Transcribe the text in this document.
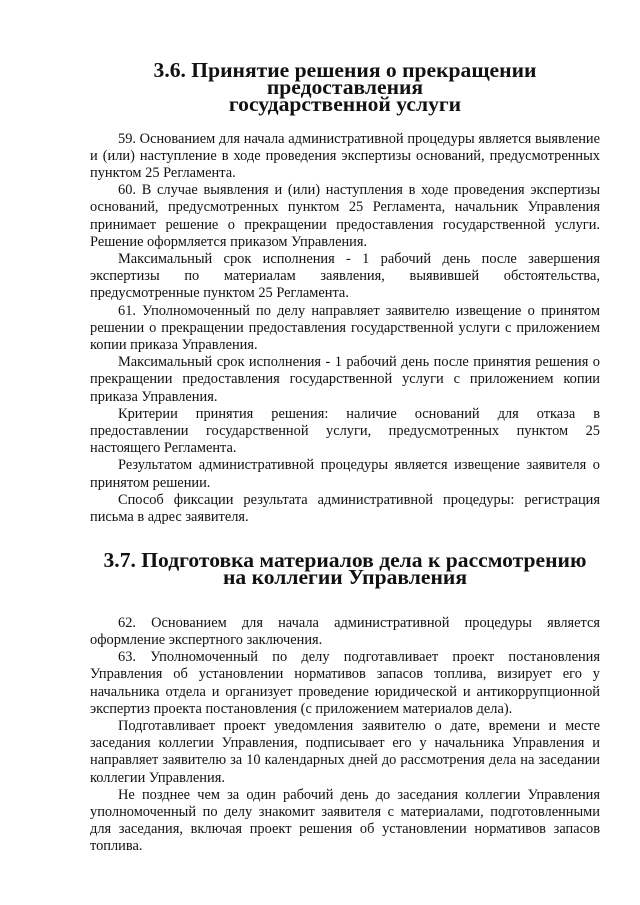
3.6. Принятие решения о прекращении предоставления
государственной услуги

59. Основанием для начала административной процедуры является выявление и (или) наступление в ходе проведения экспертизы оснований, предусмотренных пунктом 25 Регламента.

60. В случае выявления и (или) наступления в ходе проведения экспертизы оснований, предусмотренных пунктом 25 Регламента, начальник Управления принимает решение о прекращении предоставления государственной услуги. Решение оформляется приказом Управления.

Максимальный срок исполнения - 1 рабочий день после завершения экспертизы по материалам заявления, выявившей обстоятельства, предусмотренные пунктом 25 Регламента.

61. Уполномоченный по делу направляет заявителю извещение о принятом решении о прекращении предоставления государственной услуги с приложением копии приказа Управления.

Максимальный срок исполнения - 1 рабочий день после принятия решения о прекращении предоставления государственной услуги с приложением копии приказа Управления.

Критерии принятия решения: наличие оснований для отказа в предоставлении государственной услуги, предусмотренных пунктом 25 настоящего Регламента.

Результатом административной процедуры является извещение заявителя о принятом решении.

Способ фиксации результата административной процедуры: регистрация письма в адрес заявителя.

3.7. Подготовка материалов дела к рассмотрению
на коллегии Управления

62. Основанием для начала административной процедуры является оформление экспертного заключения.

63. Уполномоченный по делу подготавливает проект постановления Управления об установлении нормативов запасов топлива, визирует его у начальника отдела и организует проведение юридической и антикоррупционной экспертиз проекта постановления (с приложением материалов дела).

Подготавливает проект уведомления заявителю о дате, времени и месте заседания коллегии Управления, подписывает его у начальника Управления и направляет заявителю за 10 календарных дней до рассмотрения дела на заседании коллегии Управления.

Не позднее чем за один рабочий день до заседания коллегии Управления уполномоченный по делу знакомит заявителя с материалами, подготовленными для заседания, включая проект решения об установлении нормативов запасов топлива.
